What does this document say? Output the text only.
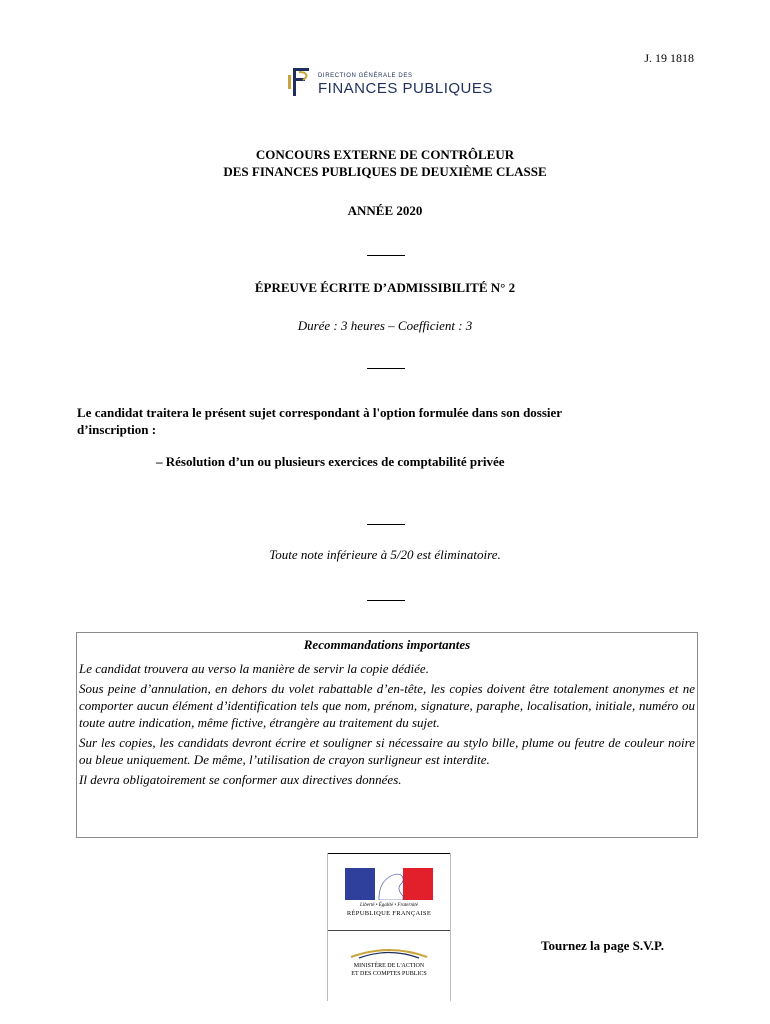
J. 19 1818
DIRECTION GÉNÉRALE DES
FINANCES PUBLIQUES
CONCOURS EXTERNE DE CONTRÔLEUR
DES FINANCES PUBLIQUES DE DEUXIÈME CLASSE
ANNÉE 2020
ÉPREUVE ÉCRITE D’ADMISSIBILITÉ N° 2
Durée : 3 heures – Coefficient : 3
Le candidat traitera le présent sujet correspondant à l'option formulée dans son dossier
d’inscription :
– Résolution d’un ou plusieurs exercices de comptabilité privée
Toute note inférieure à 5/20 est éliminatoire.
Recommandations importantes

Le candidat trouvera au verso la manière de servir la copie dédiée.

Sous peine d’annulation, en dehors du volet rabattable d’en-tête, les copies doivent être totalement anonymes et ne comporter aucun élément d’identification tels que nom, prénom, signature, paraphe, localisation, initiale, numéro ou toute autre indication, même fictive, étrangère au traitement du sujet.

Sur les copies, les candidats devront écrire et souligner si nécessaire au stylo bille, plume ou feutre de couleur noire ou bleue uniquement. De même, l’utilisation de crayon surligneur est interdite.

Il devra obligatoirement se conformer aux directives données.

Liberté • Égalité • Fraternité
RÉPUBLIQUE FRANÇAISE
MINISTÈRE DE L'ACTION
ET DES COMPTES PUBLICS
Tournez la page S.V.P.
